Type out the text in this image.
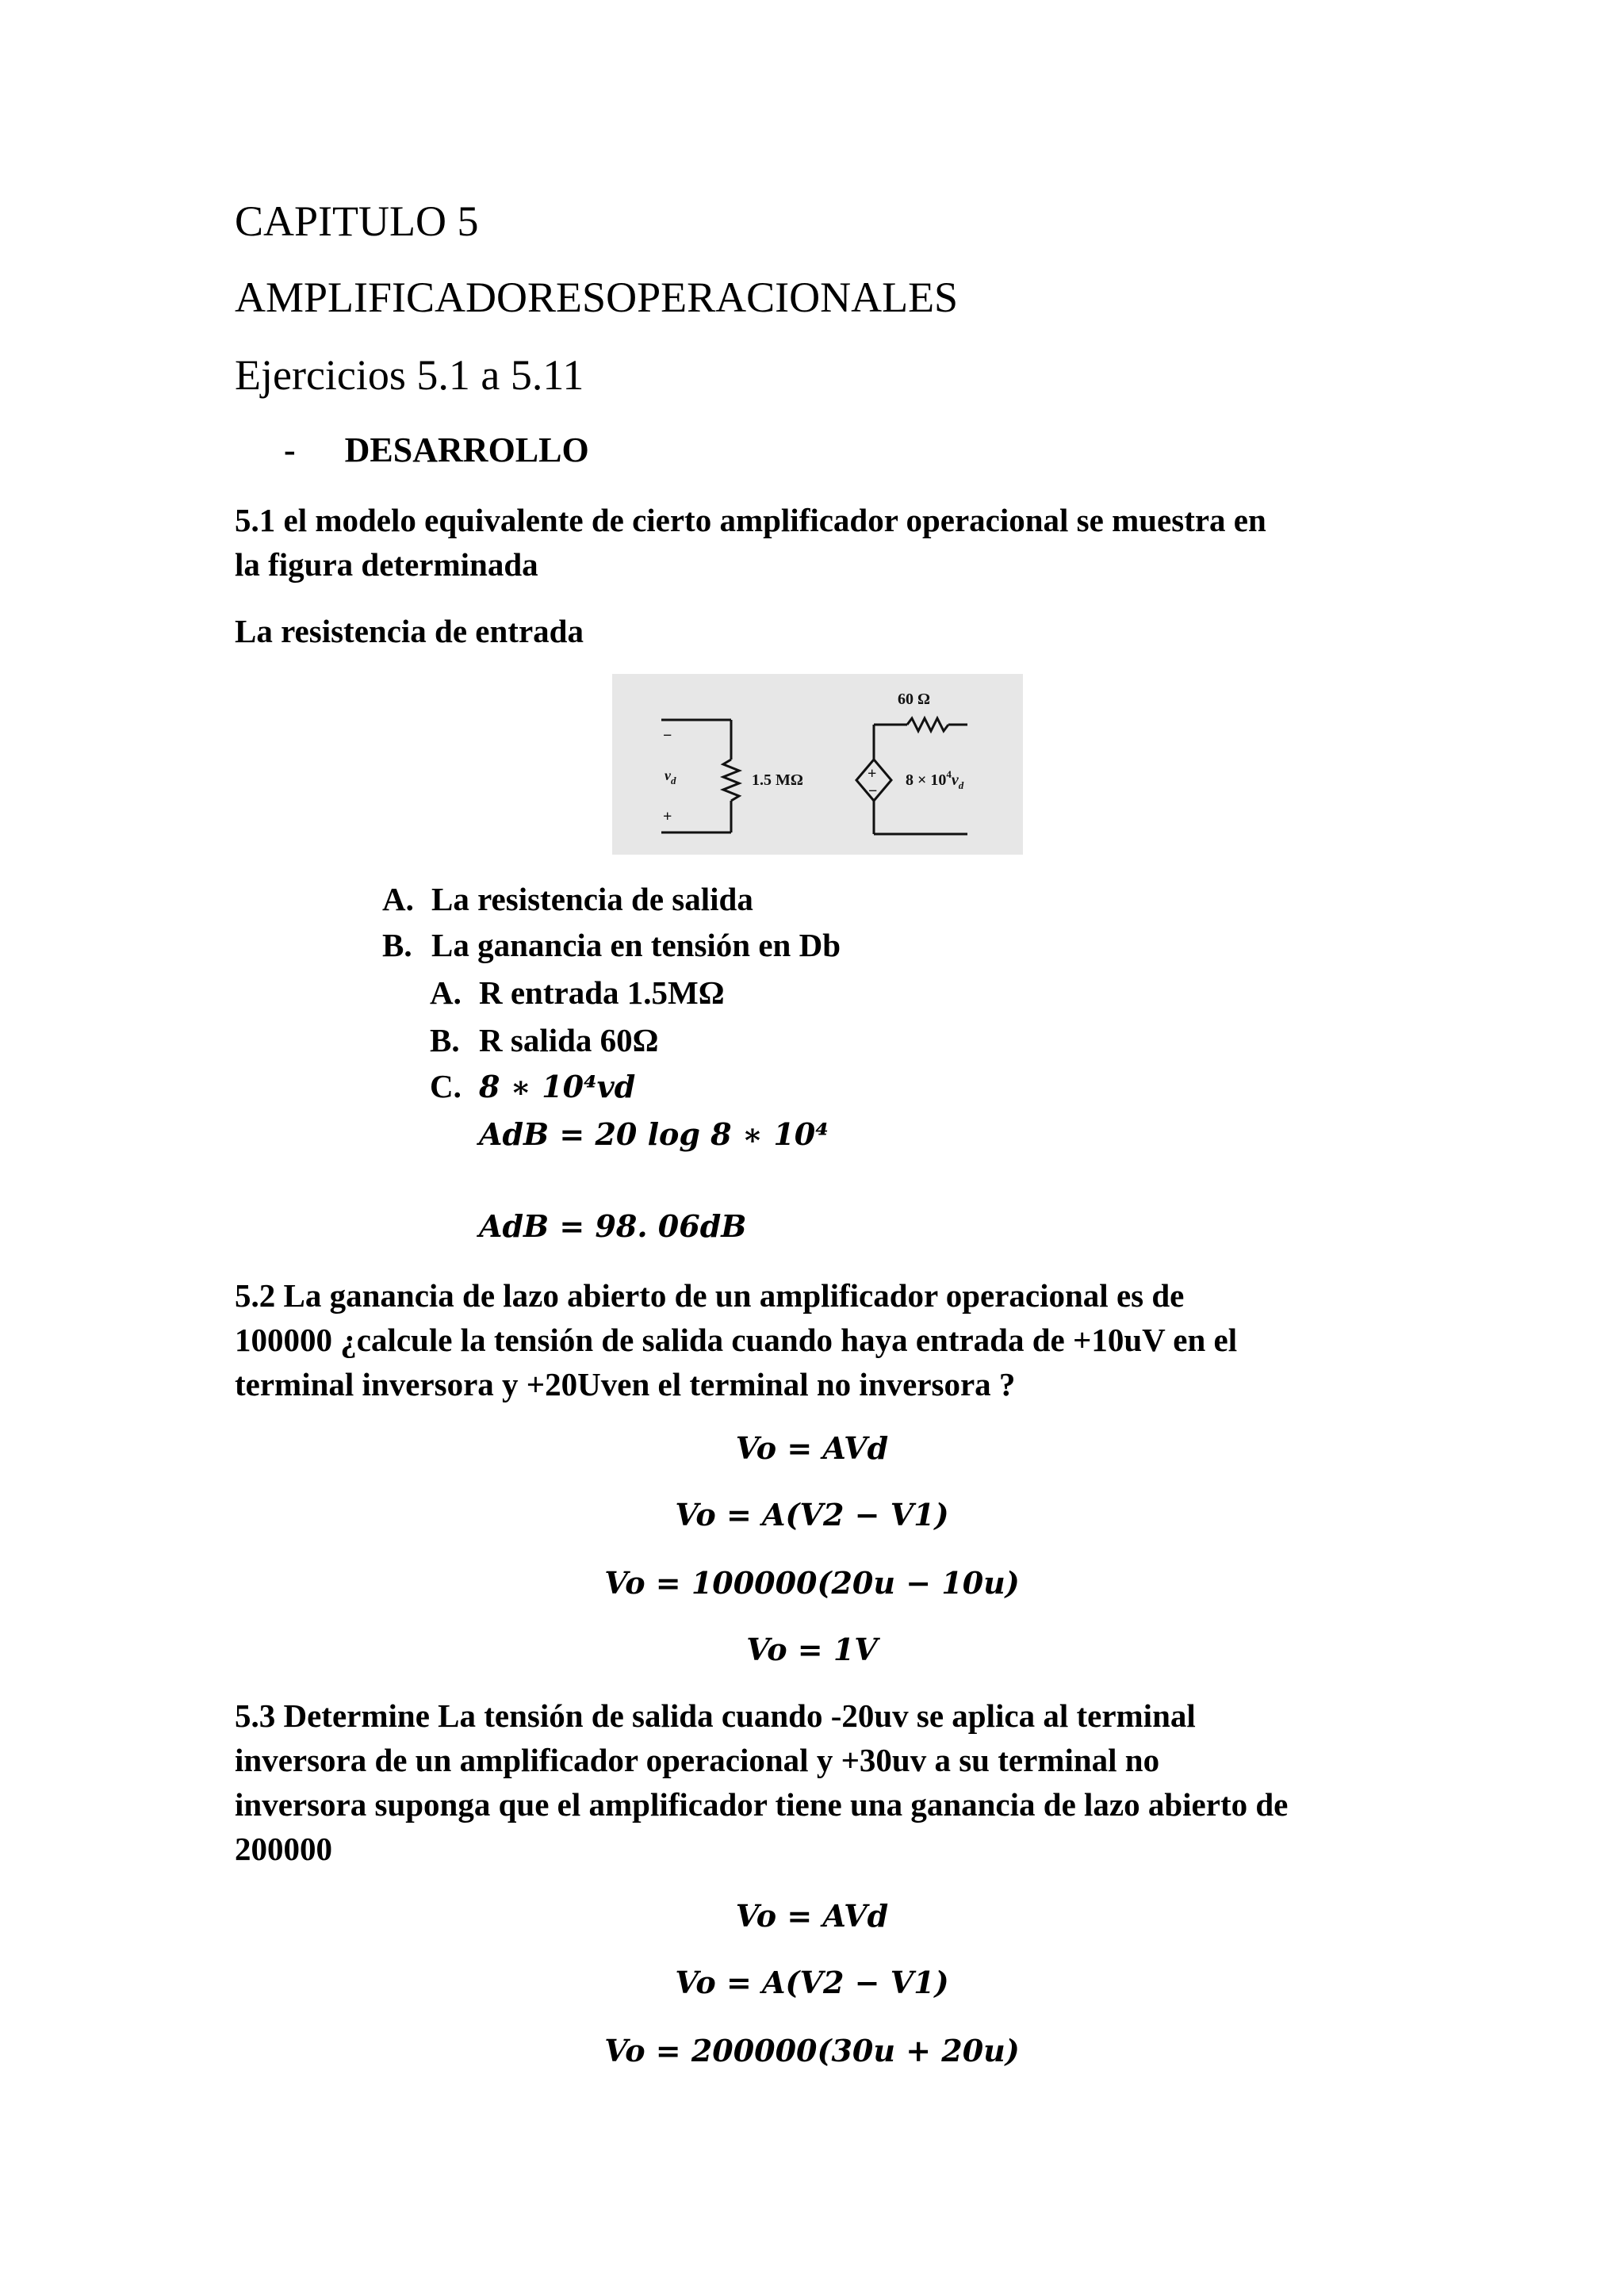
CAPITULO 5
AMPLIFICADORESOPERACIONALES
Ejercicios 5.1 a 5.11
- DESARROLLO
5.1 el modelo equivalente de cierto amplificador operacional se muestra en
la figura determinada
La resistencia de entrada
−
+
$v_d$	1.5 MΩ
60 Ω
+
−
$8 \times 10^4v_d$
A. La resistencia de salida
B. La ganancia en tensión en Db
A. R entrada 1.5MΩ
B. R salida 60Ω
C. 8 ∗ 10⁴vd
AdB = 20 log 8 ∗ 10⁴
AdB = 98. 06dB
5.2 La ganancia de lazo abierto de un amplificador operacional es de
100000 ¿calcule la tensión de salida cuando haya entrada de +10uV en el
terminal inversora y +20Uven el terminal no inversora ?
Vo = AVd
Vo = A(V2 − V1)
Vo = 100000(20u − 10u)
Vo = 1V
5.3 Determine La tensión de salida cuando -20uv se aplica al terminal
inversora de un amplificador operacional y +30uv a su terminal no
inversora suponga que el amplificador tiene una ganancia de lazo abierto de
200000
Vo = AVd
Vo = A(V2 − V1)
Vo = 200000(30u + 20u)
